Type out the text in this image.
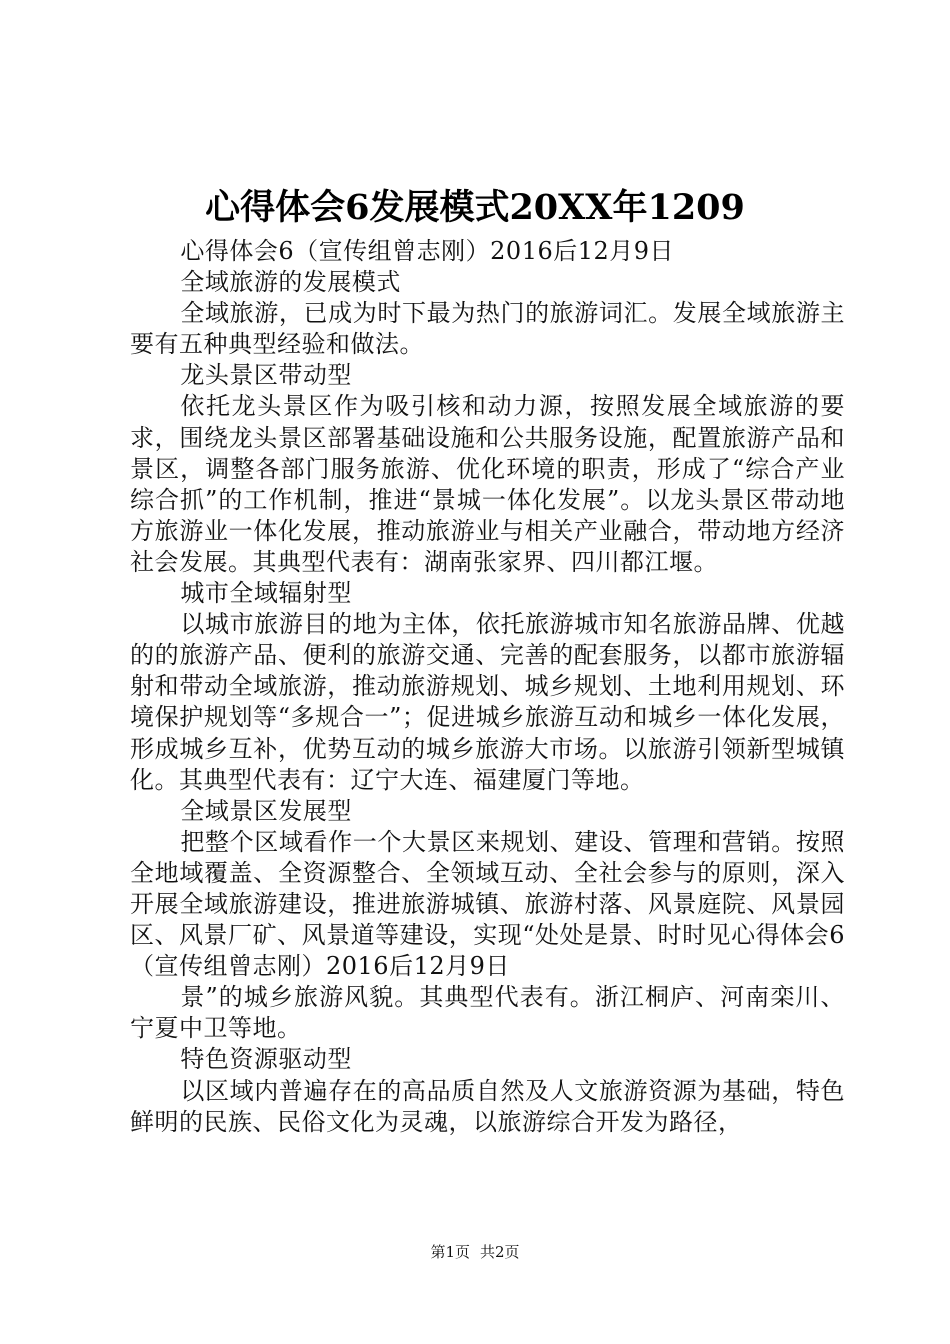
心得体会6发展模式20XX年1209

心得体会6（宣传组曾志刚）2016后12月9日

全域旅游的发展模式

全域旅游，已成为时下最为热门的旅游词汇。发展全域旅游主要有五种典型经验和做法。

龙头景区带动型

依托龙头景区作为吸引核和动力源，按照发展全域旅游的要求，围绕龙头景区部署基础设施和公共服务设施，配置旅游产品和景区，调整各部门服务旅游、优化环境的职责，形成了“综合产业综合抓”的工作机制，推进“景城一体化发展”。以龙头景区带动地方旅游业一体化发展，推动旅游业与相关产业融合，带动地方经济社会发展。其典型代表有：湖南张家界、四川都江堰。

城市全域辐射型

以城市旅游目的地为主体，依托旅游城市知名旅游品牌、优越的的旅游产品、便利的旅游交通、完善的配套服务，以都市旅游辐射和带动全域旅游，推动旅游规划、城乡规划、土地利用规划、环境保护规划等“多规合一”；促进城乡旅游互动和城乡一体化发展，形成城乡互补，优势互动的城乡旅游大市场。以旅游引领新型城镇化。其典型代表有：辽宁大连、福建厦门等地。

全域景区发展型

把整个区域看作一个大景区来规划、建设、管理和营销。按照全地域覆盖、全资源整合、全领域互动、全社会参与的原则，深入开展全域旅游建设，推进旅游城镇、旅游村落、风景庭院、风景园区、风景厂矿、风景道等建设，实现“处处是景、时时见心得体会6（宣传组曾志刚）2016后12月9日

景”的城乡旅游风貌。其典型代表有。浙江桐庐、河南栾川、宁夏中卫等地。

特色资源驱动型

以区域内普遍存在的高品质自然及人文旅游资源为基础，特色鲜明的民族、民俗文化为灵魂，以旅游综合开发为路径，

第1页 共2页
